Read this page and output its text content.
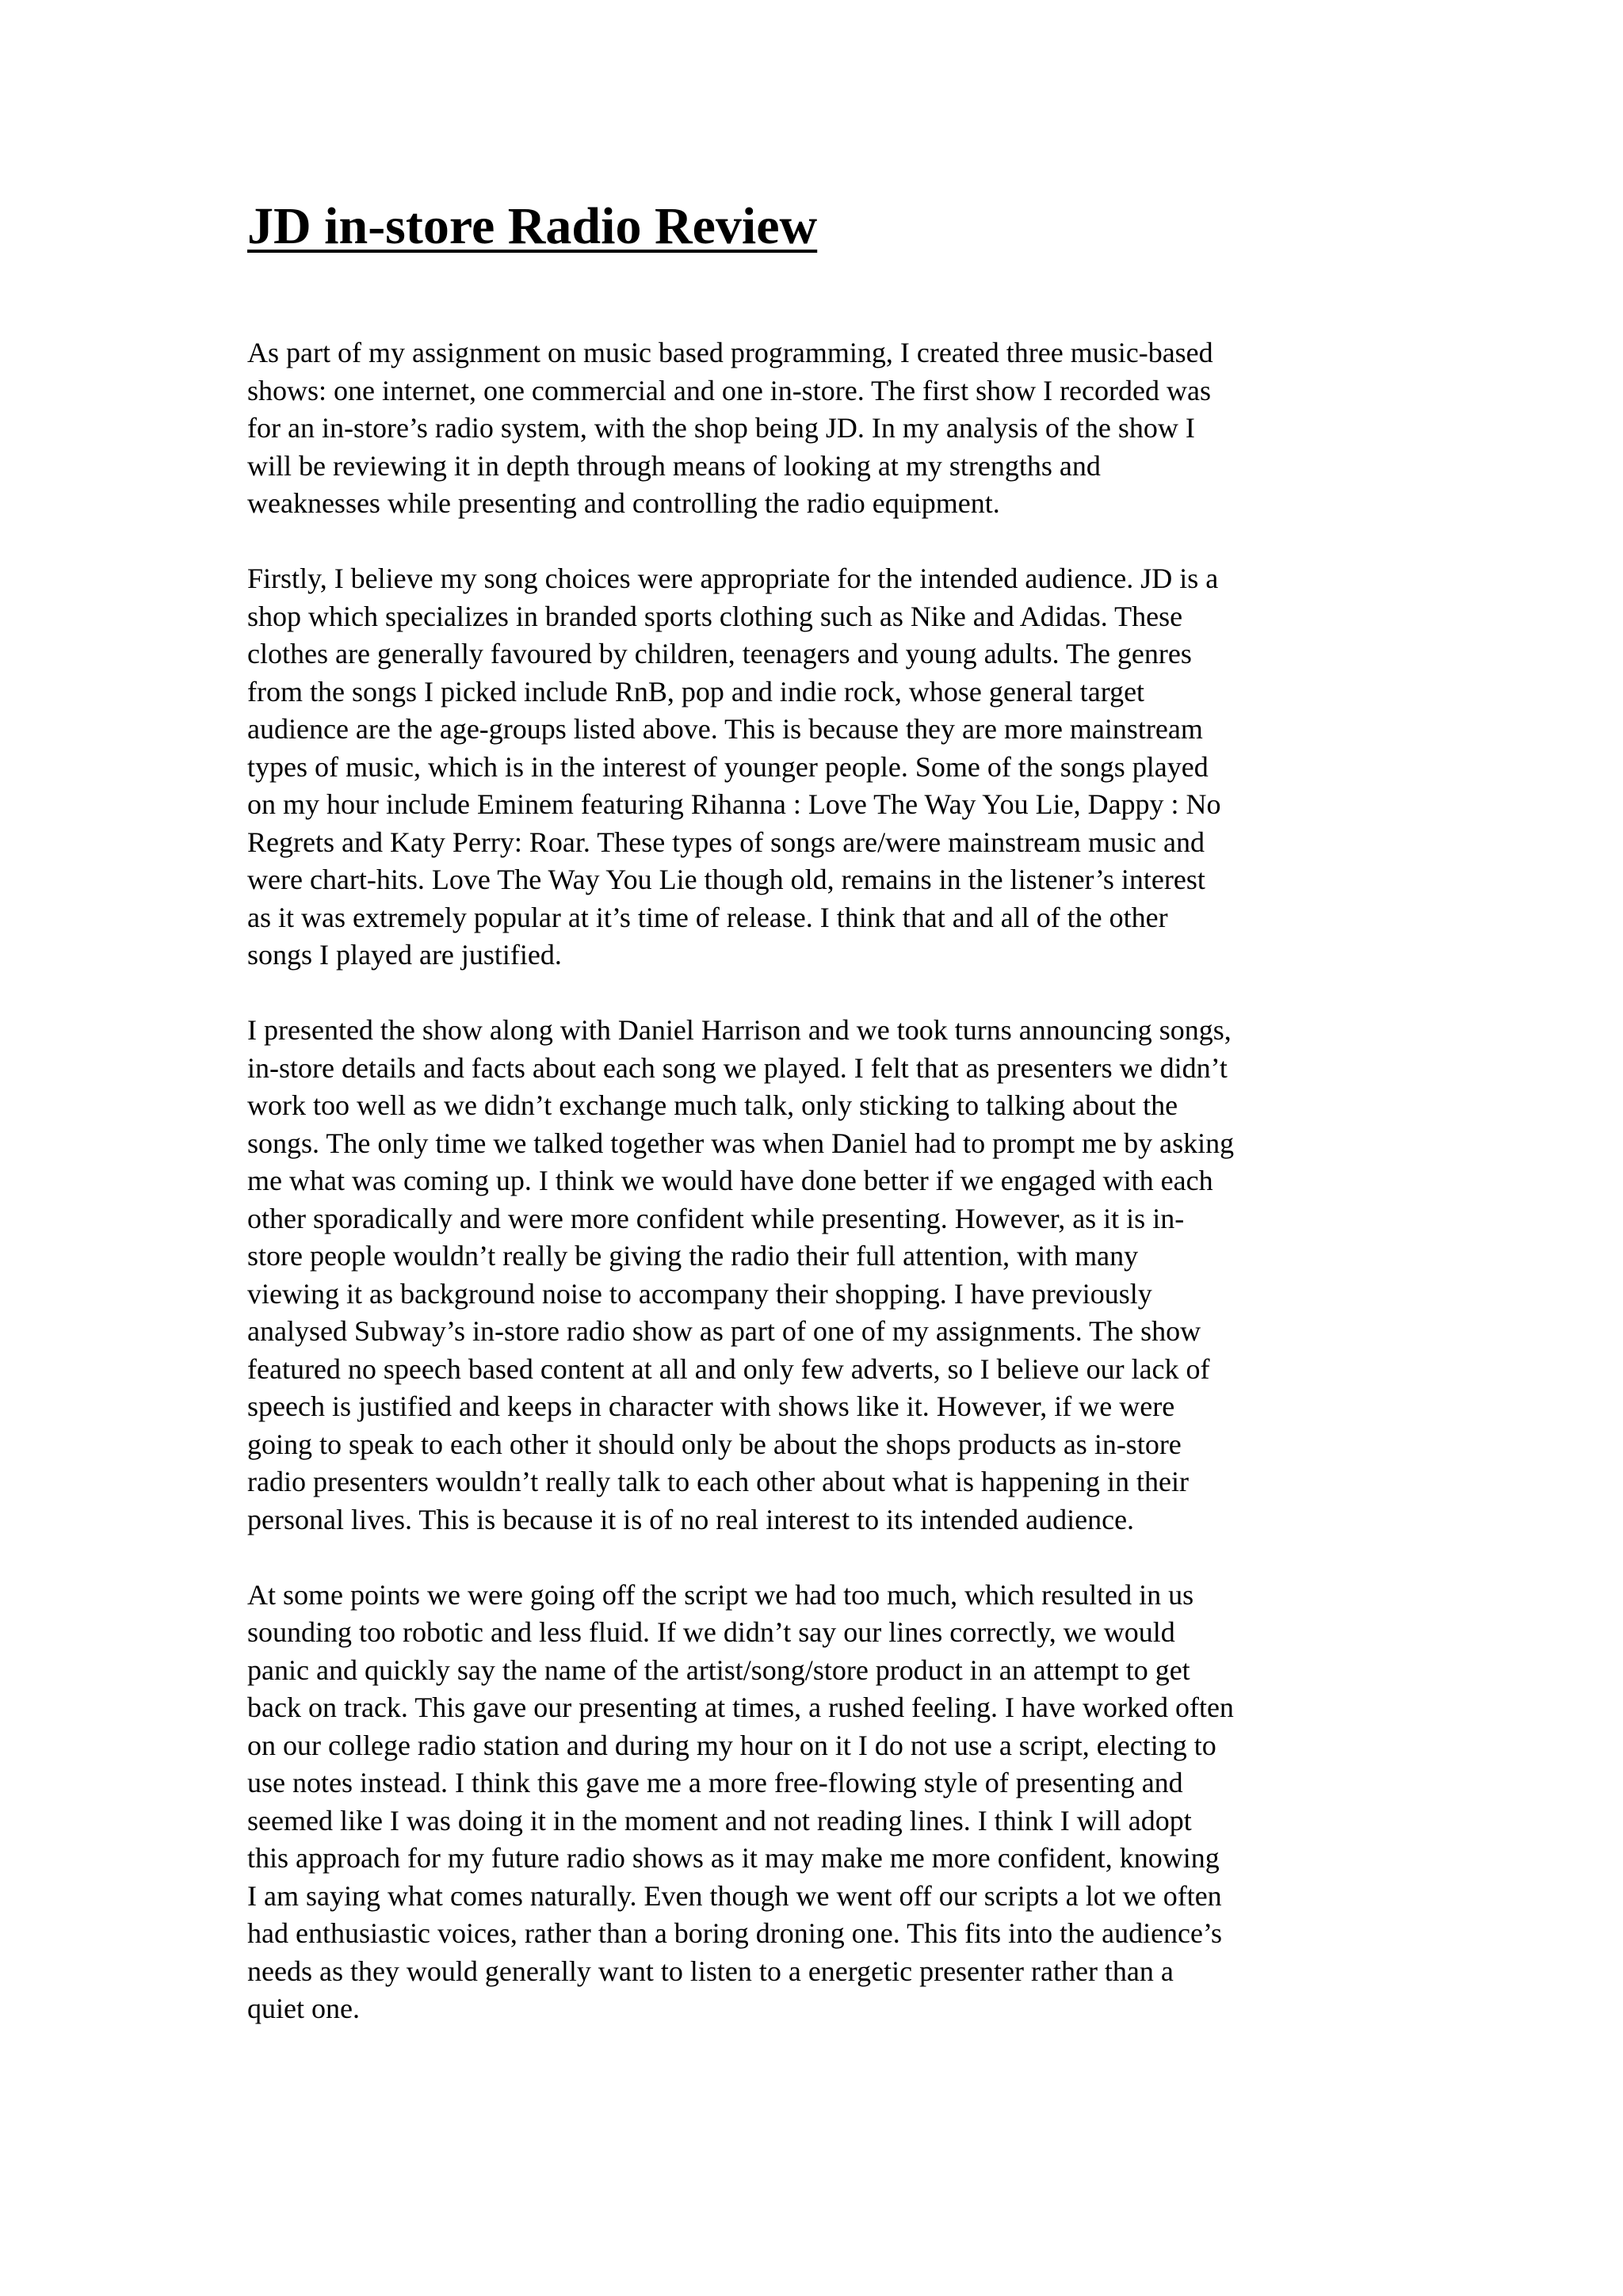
JD in-store Radio Review

As part of my assignment on music based programming, I created three music-based
shows: one internet, one commercial and one in-store. The first show I recorded was
for an in-store’s radio system, with the shop being JD. In my analysis of the show I
will be reviewing it in depth through means of looking at my strengths and
weaknesses while presenting and controlling the radio equipment.

Firstly, I believe my song choices were appropriate for the intended audience. JD is a
shop which specializes in branded sports clothing such as Nike and Adidas. These
clothes are generally favoured by children, teenagers and young adults. The genres
from the songs I picked include RnB, pop and indie rock, whose general target
audience are the age-groups listed above. This is because they are more mainstream
types of music, which is in the interest of younger people. Some of the songs played
on my hour include Eminem featuring Rihanna : Love The Way You Lie, Dappy : No
Regrets and Katy Perry: Roar. These types of songs are/were mainstream music and
were chart-hits. Love The Way You Lie though old, remains in the listener’s interest
as it was extremely popular at it’s time of release. I think that and all of the other
songs I played are justified.

I presented the show along with Daniel Harrison and we took turns announcing songs,
in-store details and facts about each song we played. I felt that as presenters we didn’t
work too well as we didn’t exchange much talk, only sticking to talking about the
songs. The only time we talked together was when Daniel had to prompt me by asking
me what was coming up. I think we would have done better if we engaged with each
other sporadically and were more confident while presenting. However, as it is in-
store people wouldn’t really be giving the radio their full attention, with many
viewing it as background noise to accompany their shopping. I have previously
analysed Subway’s in-store radio show as part of one of my assignments. The show
featured no speech based content at all and only few adverts, so I believe our lack of
speech is justified and keeps in character with shows like it. However, if we were
going to speak to each other it should only be about the shops products as in-store
radio presenters wouldn’t really talk to each other about what is happening in their
personal lives. This is because it is of no real interest to its intended audience.

At some points we were going off the script we had too much, which resulted in us
sounding too robotic and less fluid. If we didn’t say our lines correctly, we would
panic and quickly say the name of the artist/song/store product in an attempt to get
back on track. This gave our presenting at times, a rushed feeling. I have worked often
on our college radio station and during my hour on it I do not use a script, electing to
use notes instead. I think this gave me a more free-flowing style of presenting and
seemed like I was doing it in the moment and not reading lines. I think I will adopt
this approach for my future radio shows as it may make me more confident, knowing
I am saying what comes naturally. Even though we went off our scripts a lot we often
had enthusiastic voices, rather than a boring droning one. This fits into the audience’s
needs as they would generally want to listen to a energetic presenter rather than a
quiet one.
